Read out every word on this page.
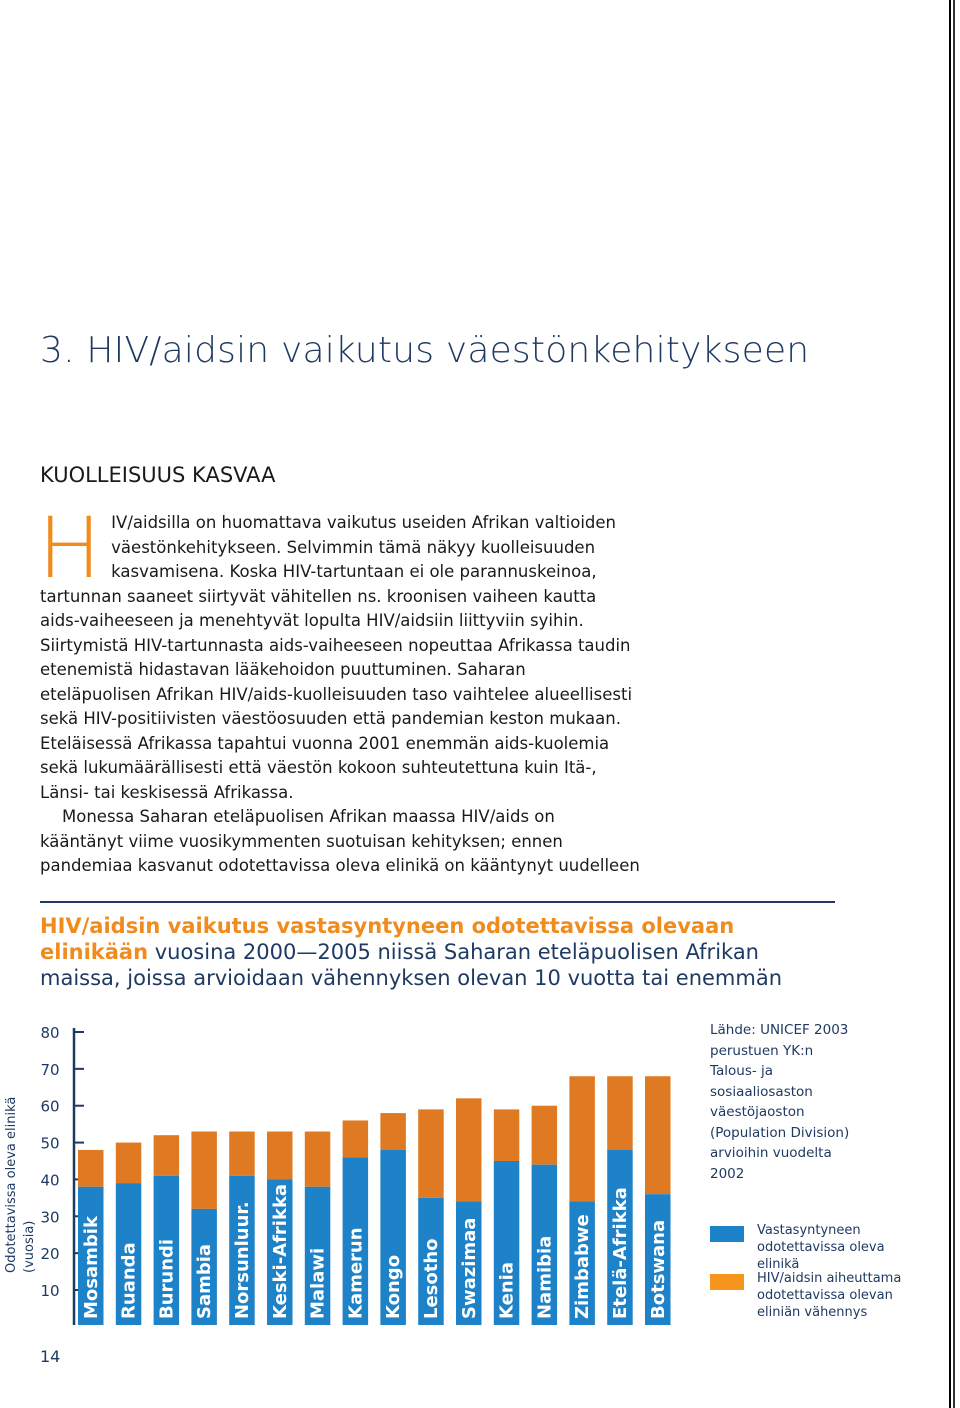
3. HIV/aidsin vaikutus väestönkehitykseen
KUOLLEISUUS KASVAA

HIV/aidsilla on huomattava vaikutus useiden Afrikan valtioiden väestönkehitykseen. Selvimmin tämä näkyy kuolleisuuden kasvamisena. Koska HIV-tartuntaan ei ole parannuskeinoa, tartunnan saaneet siirtyvät vähitellen ns. kroonisen vaiheen kautta aids-vaiheeseen ja menehtyvät lopulta HIV/aidsiin liittyviin syihin. Siirtymistä HIV-tartunnasta aids-vaiheeseen nopeuttaa Afrikassa taudin etenemistä hidastavan lääkehoidon puuttuminen. Saharan eteläpuolisen Afrikan HIV/aids-kuolleisuuden taso vaihtelee alueellisesti sekä HIV-positiivisten väestöosuuden että pandemian keston mukaan. Eteläisessä Afrikassa tapahtui vuonna 2001 enemmän aids-kuolemia sekä lukumäärällisesti että väestön kokoon suhteutettuna kuin Itä-, Länsi- tai keskisessä Afrikassa.

Monessa Saharan eteläpuolisen Afrikan maassa HIV/aids on kääntänyt viime vuosikymmenten suotuisan kehityksen; ennen pandemiaa kasvanut odotettavissa oleva elinikä on kääntynyt uudelleen

HIV/aidsin vaikutus vastasyntyneen odotettavissa olevaan elinikään vuosina 2000—2005 niissä Saharan eteläpuolisen Afrikan maissa, joissa arvioidaan vähennyksen olevan 10 vuotta tai enemmän
Odotettavissa oleva elinikä (vuosia)
10
20
30
40
50
60
70
80
Mosambik Ruanda Burundi Sambia Norsunluur. Keski-Afrikka Malawi Kamerun Kongo Lesotho Swazimaa Kenia Namibia Zimbabwe Etelä-Afrikka Botswana
Lähde: UNICEF 2003 perustuen YK:n Talous- ja sosiaaliosaston väestöjaoston (Population Division) arvioihin vuodelta 2002
Vastasyntyneen odotettavissa oleva elinikä
HIV/aidsin aiheuttama odotettavissa olevan eliniän vähennys
14
